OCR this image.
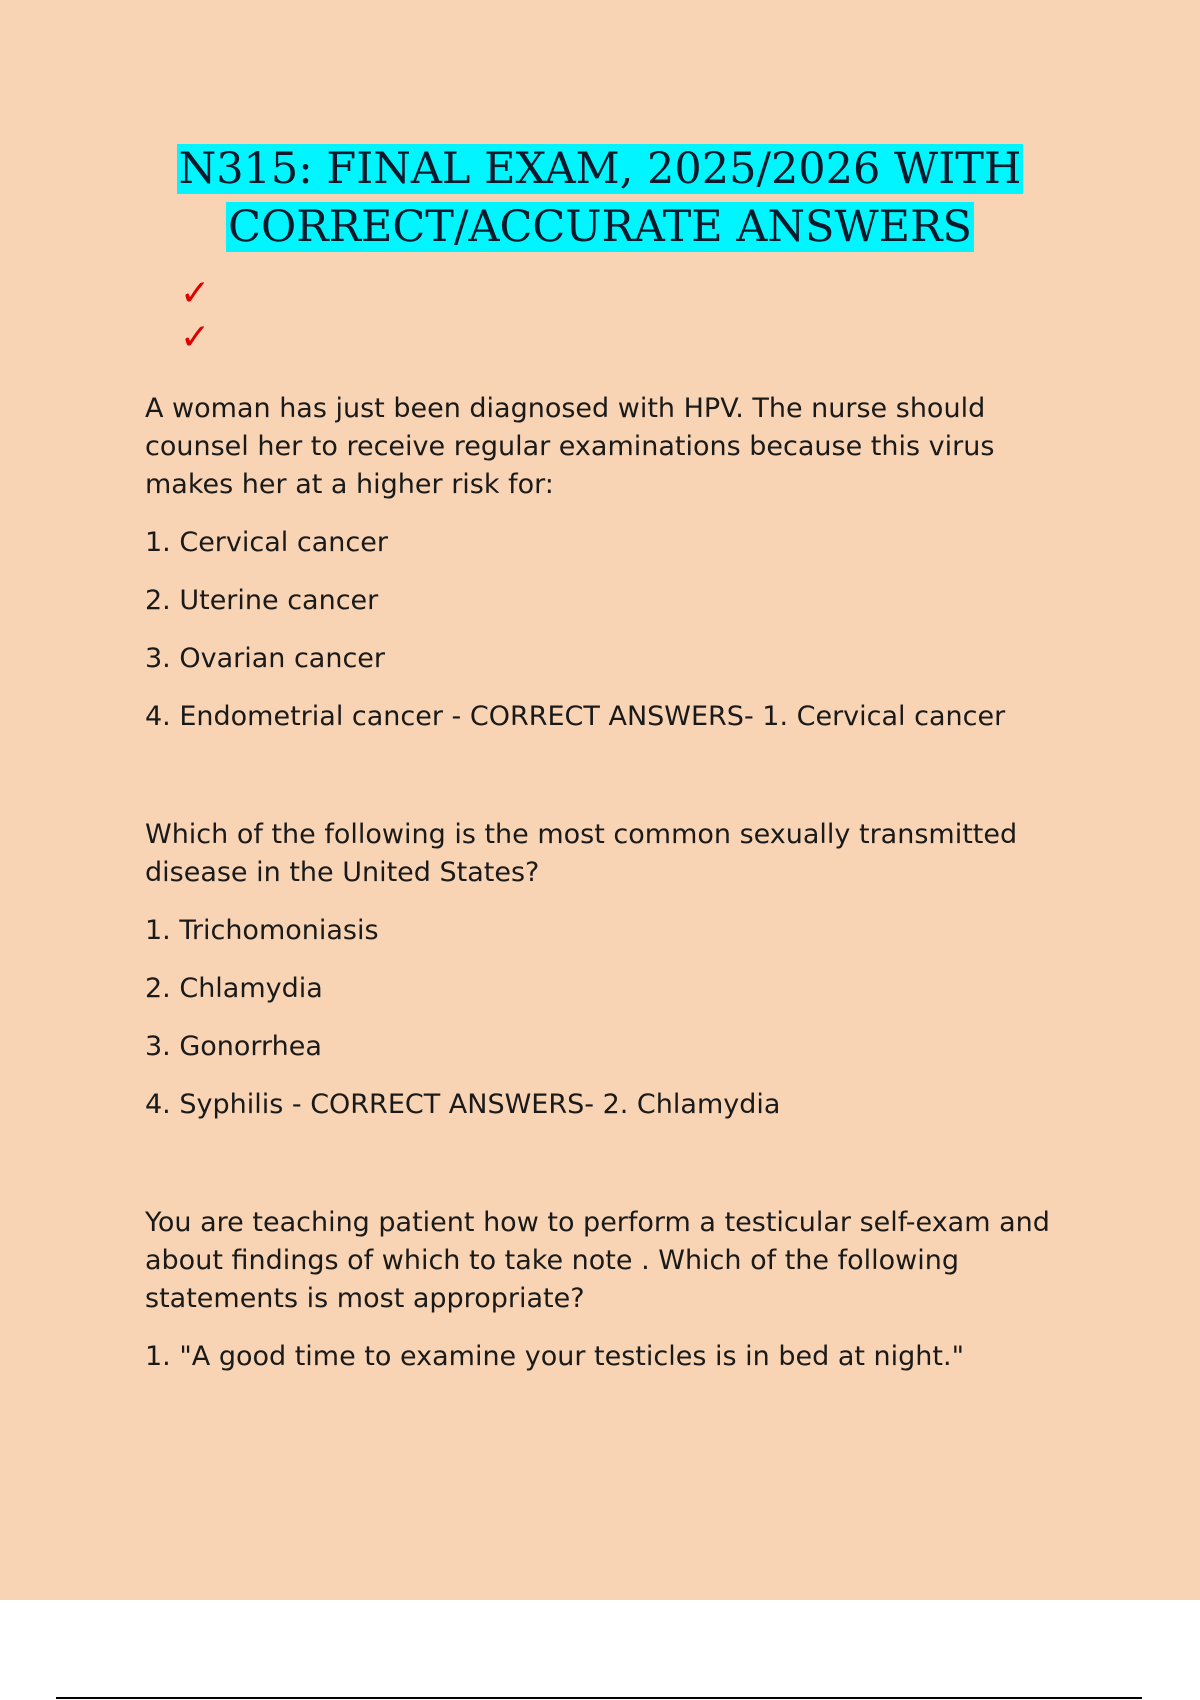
N315: FINAL EXAM, 2025/2026 WITH
CORRECT/ACCURATE ANSWERS
✓
✓

A woman has just been diagnosed with HPV. The nurse should counsel her to receive regular examinations because this virus makes her at a higher risk for:

1. Cervical cancer

2. Uterine cancer

3. Ovarian cancer

4. Endometrial cancer - CORRECT ANSWERS- 1. Cervical cancer

Which of the following is the most common sexually transmitted disease in the United States?

1. Trichomoniasis

2. Chlamydia

3. Gonorrhea

4. Syphilis - CORRECT ANSWERS- 2. Chlamydia

You are teaching patient how to perform a testicular self-exam and about findings of which to take note . Which of the following statements is most appropriate?

1. "A good time to examine your testicles is in bed at night."
